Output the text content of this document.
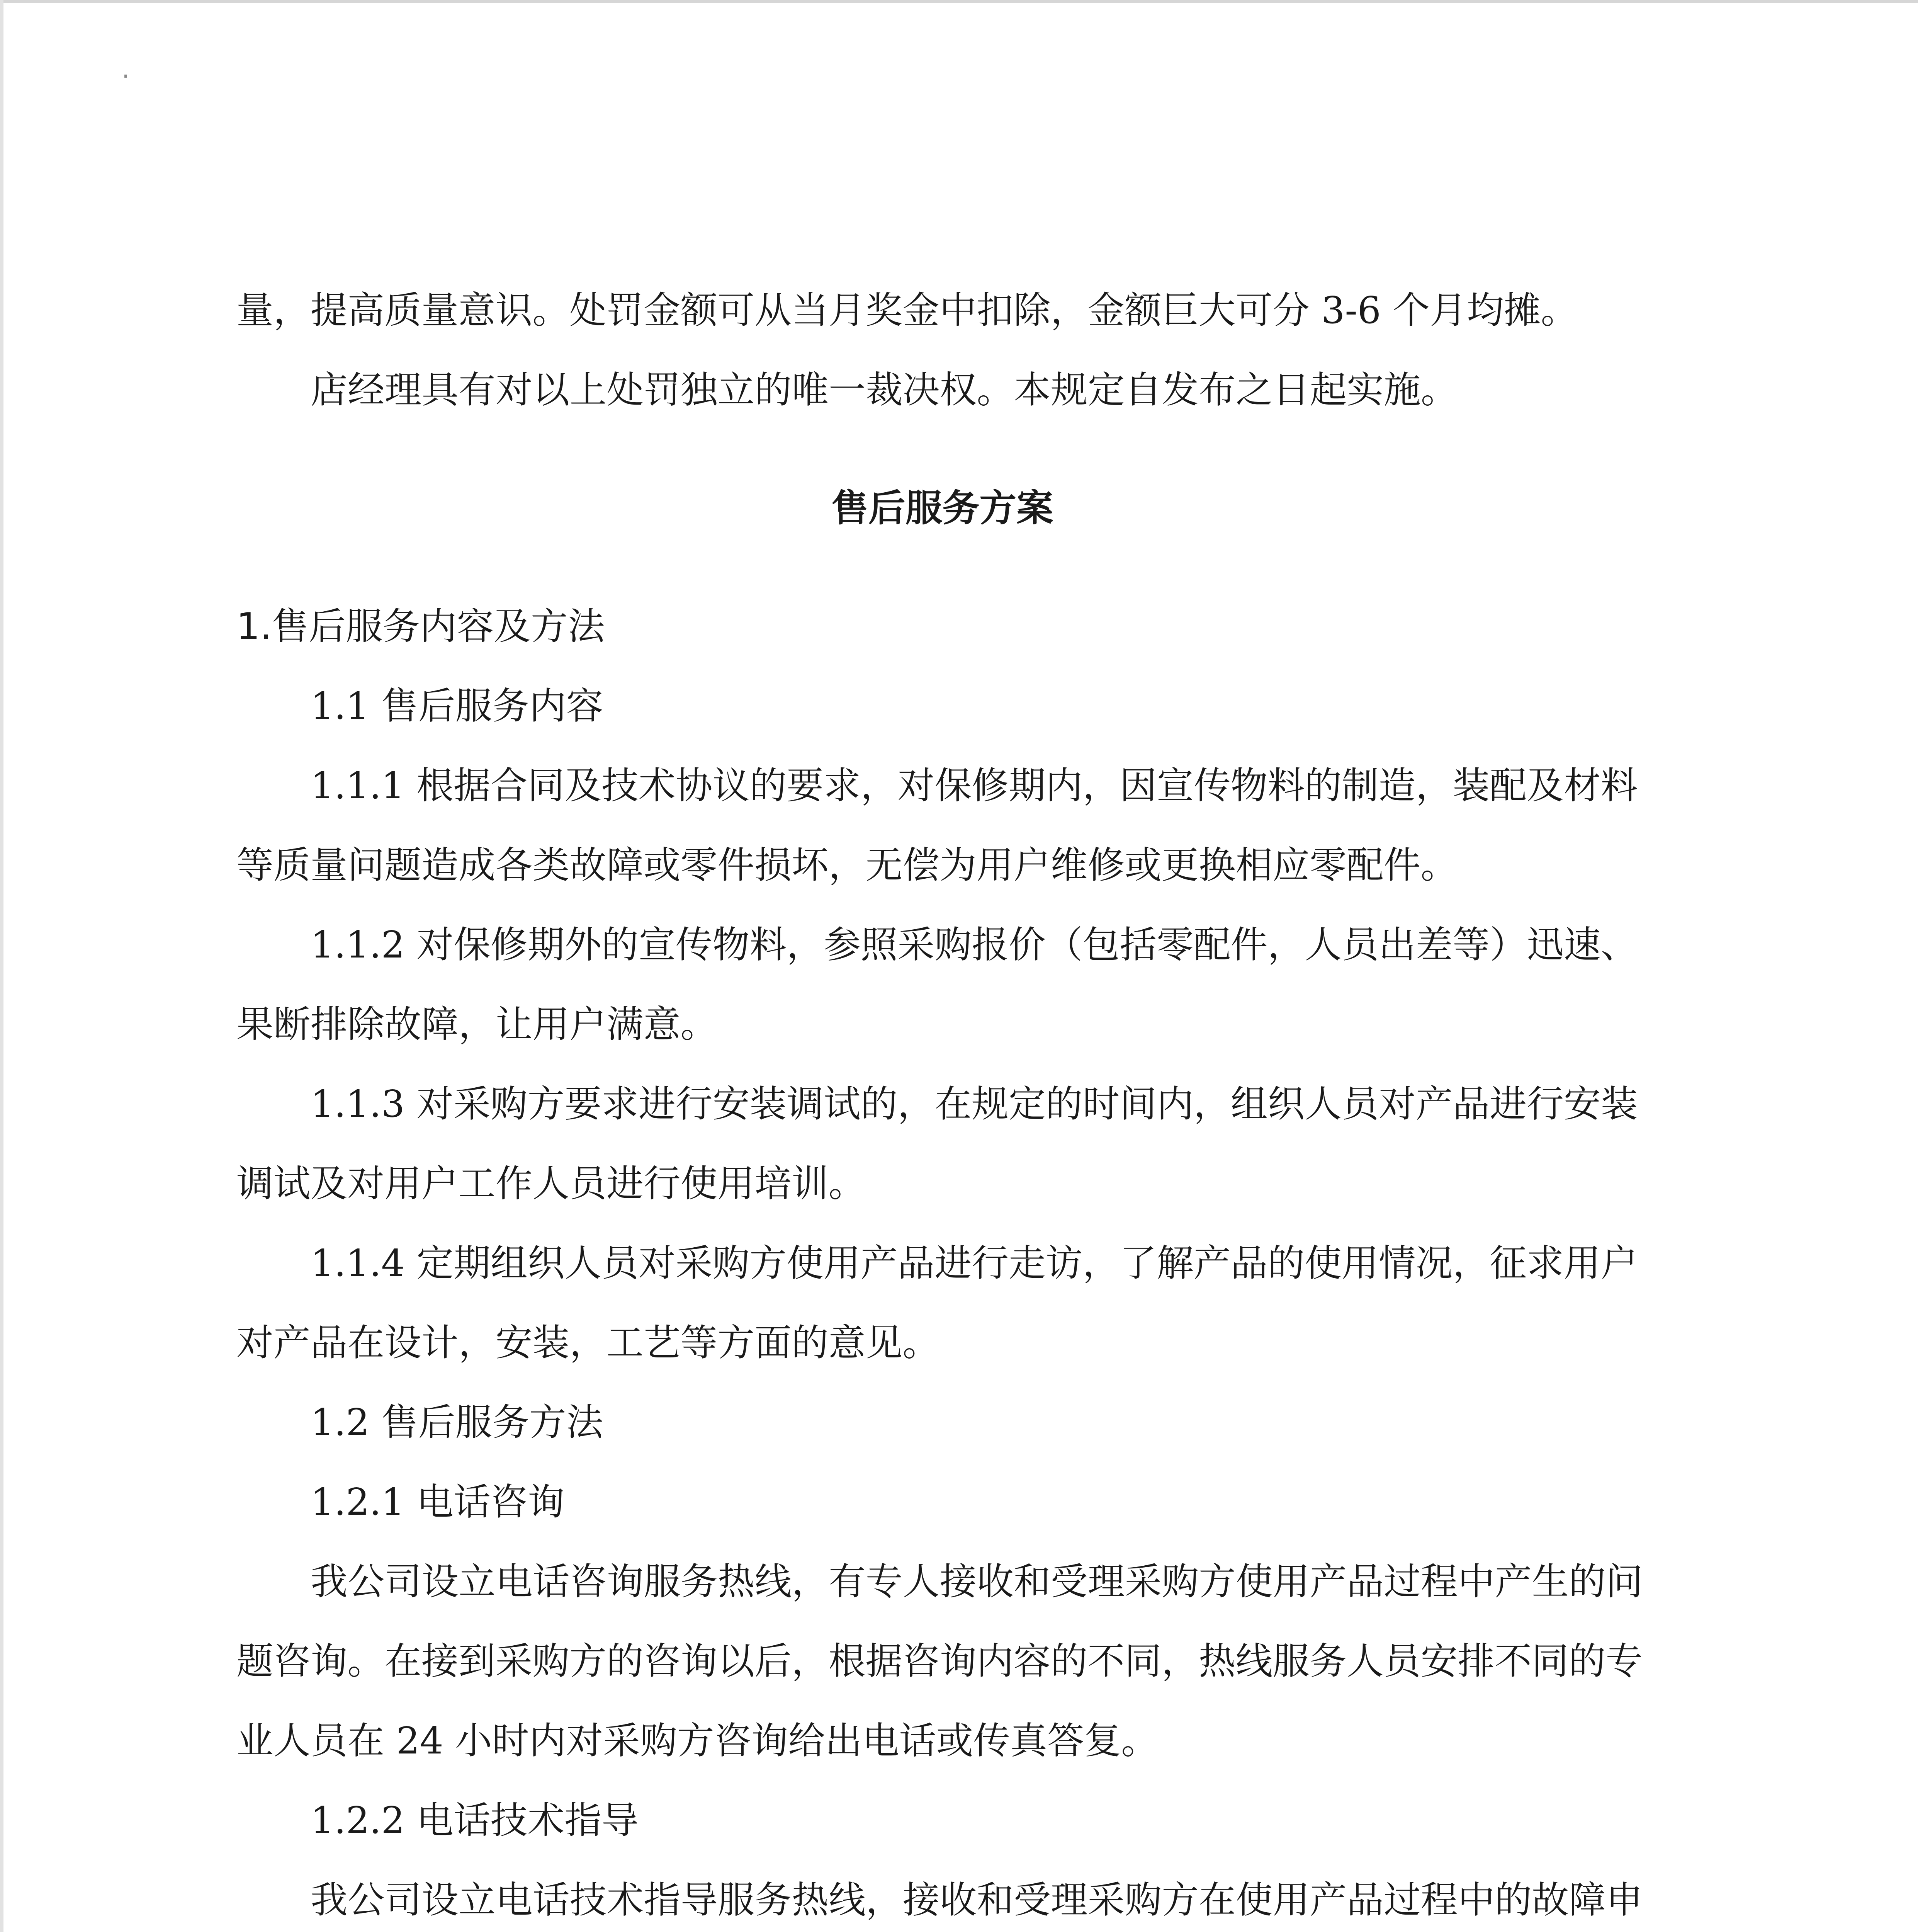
量，提高质量意识。处罚金额可从当月奖金中扣除，金额巨大可分 3-6 个月均摊。
店经理具有对以上处罚独立的唯一裁决权。本规定自发布之日起实施。
售后服务方案
1.售后服务内容及方法
1.1 售后服务内容
1.1.1 根据合同及技术协议的要求，对保修期内，因宣传物料的制造，装配及材料
等质量问题造成各类故障或零件损坏，无偿为用户维修或更换相应零配件。
1.1.2 对保修期外的宣传物料，参照采购报价（包括零配件，人员出差等）迅速、
果断排除故障，让用户满意。
1.1.3 对采购方要求进行安装调试的，在规定的时间内，组织人员对产品进行安装
调试及对用户工作人员进行使用培训。
1.1.4 定期组织人员对采购方使用产品进行走访，了解产品的使用情况，征求用户
对产品在设计，安装，工艺等方面的意见。
1.2 售后服务方法
1.2.1 电话咨询
我公司设立电话咨询服务热线，有专人接收和受理采购方使用产品过程中产生的问
题咨询。在接到采购方的咨询以后，根据咨询内容的不同，热线服务人员安排不同的专
业人员在 24 小时内对采购方咨询给出电话或传真答复。
1.2.2 电话技术指导
我公司设立电话技术指导服务热线，接收和受理采购方在使用产品过程中的故障申
